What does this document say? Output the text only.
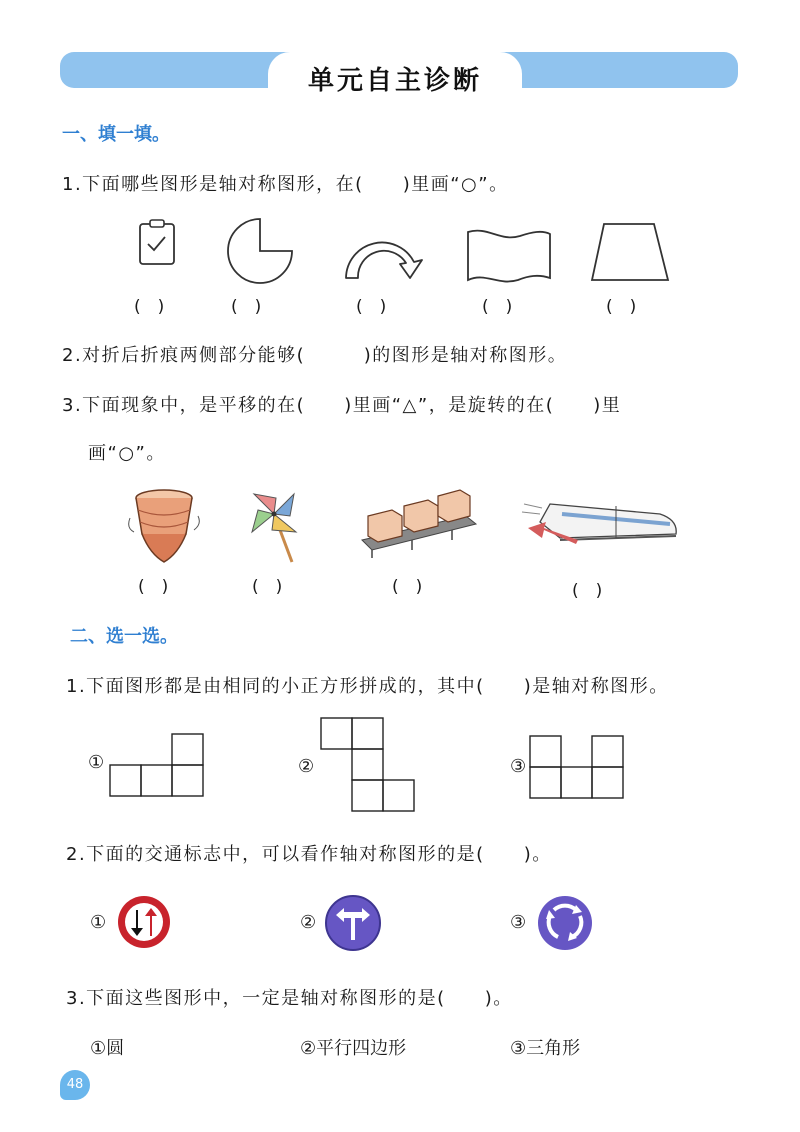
单元自主诊断
一、填一填。
1.下面哪些图形是轴对称图形，在(　　)里画“○”。
(　)	(　)	(　)	(　)	(　)
2.对折后折痕两侧部分能够(　　　)的图形是轴对称图形。
3.下面现象中，是平移的在(　　)里画“△”，是旋转的在(　　)里
画“○”。
(　)	(　)	(　)	(　)
二、选一选。
1.下面图形都是由相同的小正方形拼成的，其中(　　)是轴对称图形。
①	②	③
2.下面的交通标志中，可以看作轴对称图形的是(　　)。
①	②	③
3.下面这些图形中，一定是轴对称图形的是(　　)。
①圆	②平行四边形	③三角形
48
